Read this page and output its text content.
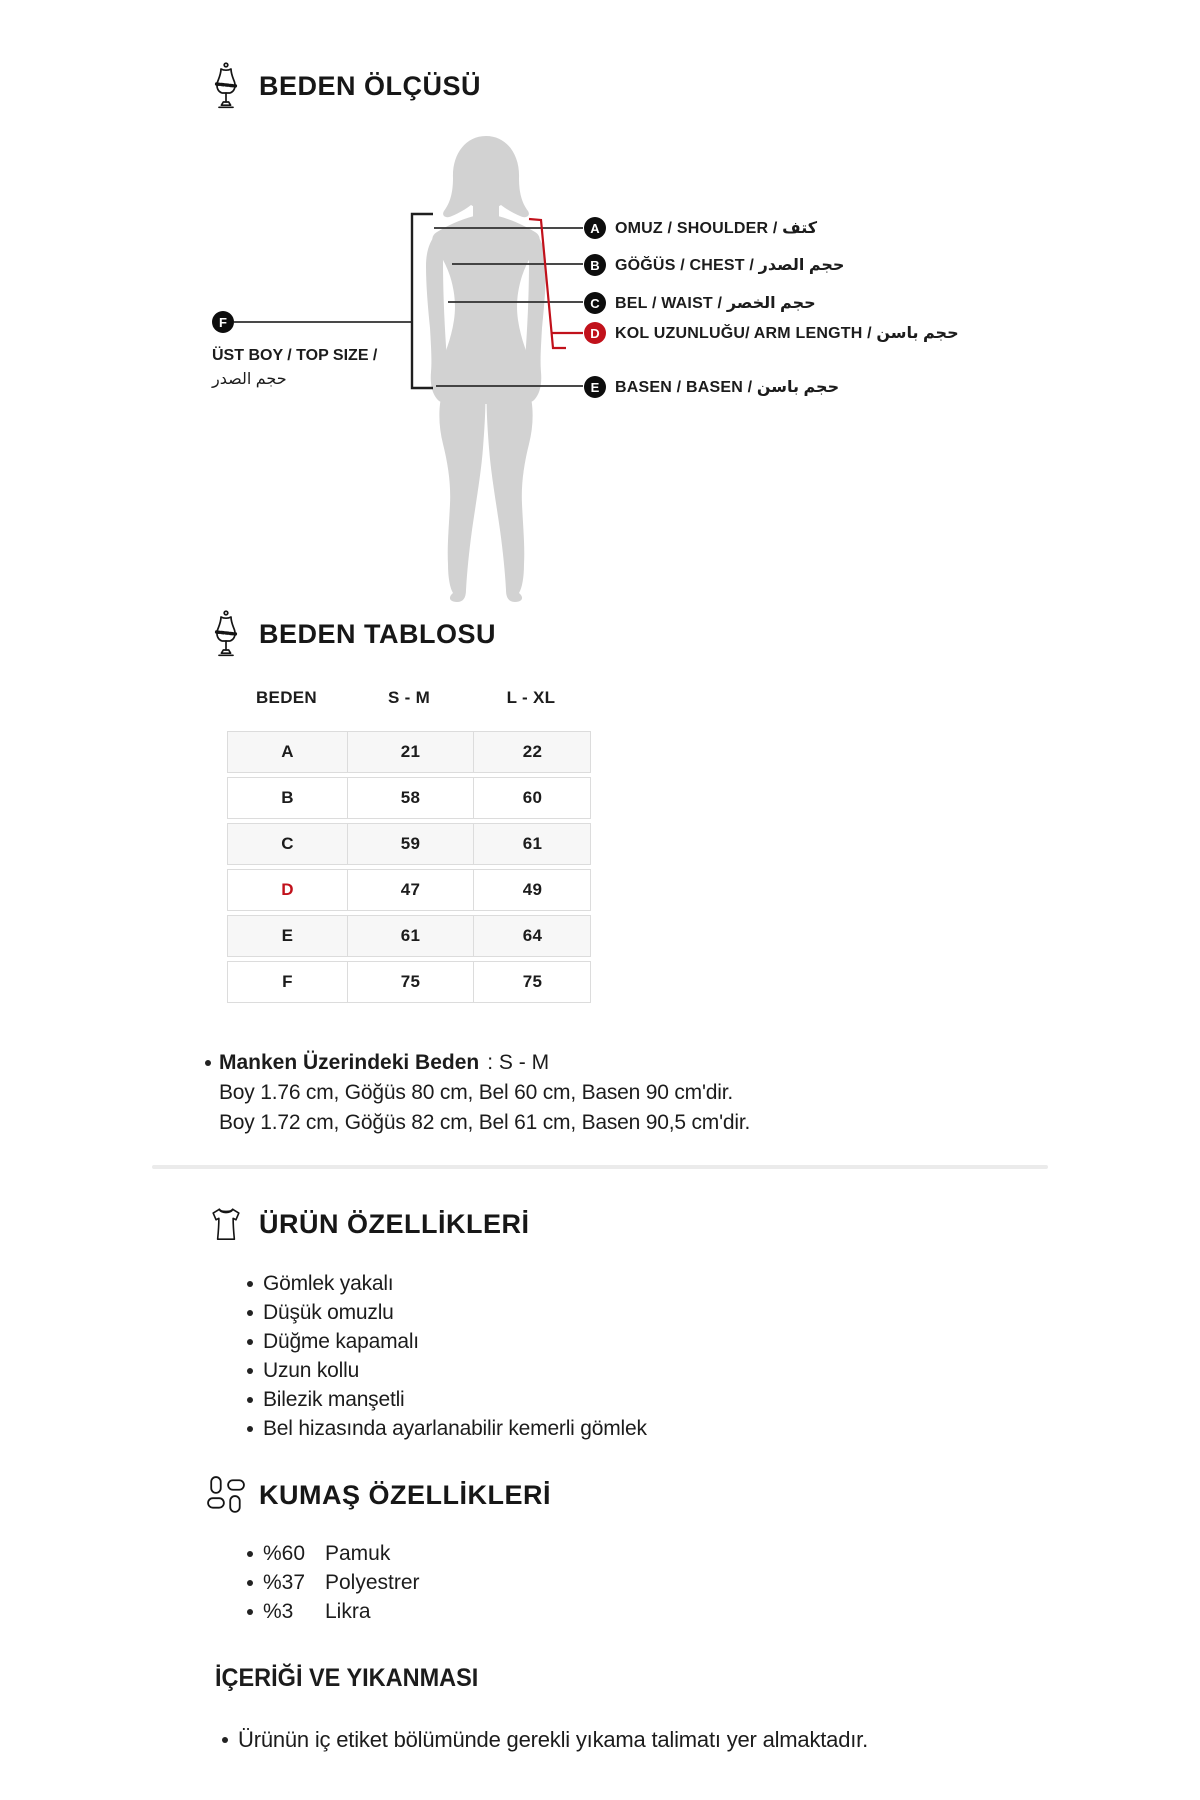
BEDEN ÖLÇÜSÜ
A OMUZ / SHOULDER / كتف
B GÖĞÜS / CHEST / حجم الصدر
C BEL / WAIST / حجم الخصر
D KOL UZUNLUĞU/ ARM LENGTH / حجم باسن
E BASEN / BASEN / حجم باسن
F
ÜST BOY / TOP SIZE /
حجم الصدر
BEDEN TABLOSU
BEDEN	S - M	L - XL
A	21	22
B	58	60
C	59	61
D	47	49
E	61	64
F	75	75
Manken Üzerindeki Beden : S - M
Boy 1.76 cm, Göğüs 80 cm, Bel 60 cm, Basen 90 cm'dir.
Boy 1.72 cm, Göğüs 82 cm, Bel 61 cm, Basen 90,5 cm'dir.
ÜRÜN ÖZELLİKLERİ
Gömlek yakalı
Düşük omuzlu
Düğme kapamalı
Uzun kollu
Bilezik manşetli
Bel hizasında ayarlanabilir kemerli gömlek
KUMAŞ ÖZELLİKLERİ
%60 Pamuk
%37 Polyestrer
%3	Likra
İÇERİĞİ VE YIKANMASI
Ürünün iç etiket bölümünde gerekli yıkama talimatı yer almaktadır.
